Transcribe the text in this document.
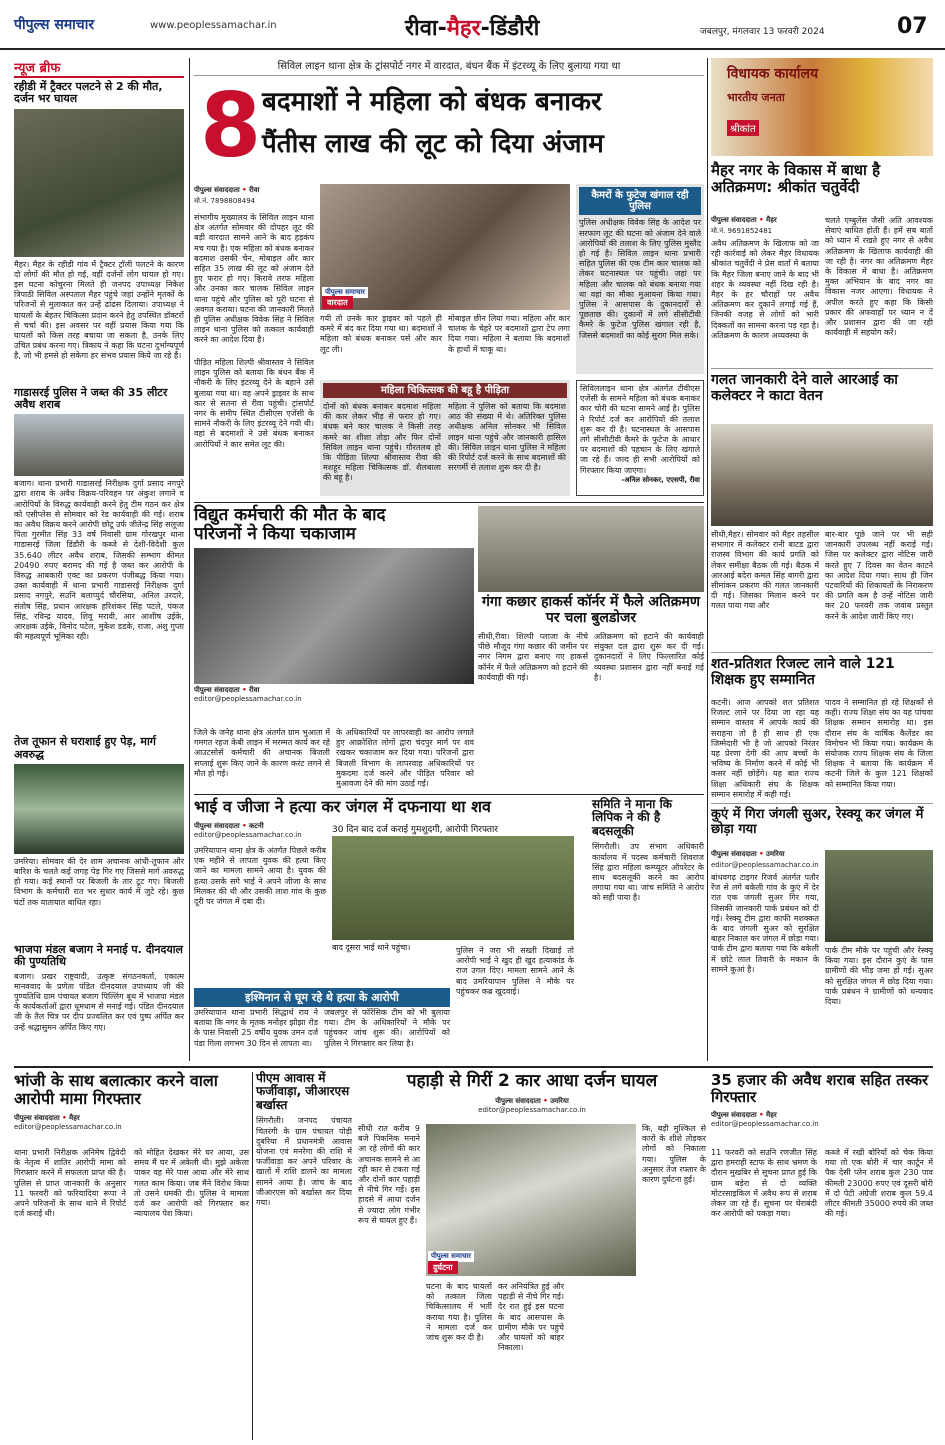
पीपुल्स समाचार	www.peoplessamachar.in	रीवा-मैहर-डिंडौरी	जबलपुर, मंगलवार 13 फरवरी 2024	07
न्यूज ब्रीफ
रहीडी में ट्रैक्टर पलटने से 2 की मौत, दर्जन भर घायल
मैहर। मैहर के रहीडी गांव में ट्रैक्टर ट्रॉली पलटने के कारण दो लोगों की मौत हो गई, वहीं दर्जनों लोग घायल हो गए। इस घटना कोचुरना मिलते ही जनपद उपाध्यक्ष निकेश त्रिपाठी सिविल अस्पताल मैहर पहुंचे जहां उन्होंने मृतकों के परिजनों से मुलाकात कर उन्हें ढांढस दिलाया। उपाध्यक्ष ने घायलों के बेहतर चिकित्सा प्रदान करने हेतु उपस्थित डॉक्टरों से चर्चा की। इस अवसर पर वहीं प्रयास किया गया कि घायलों को किस तरह बचाया जा सकता है, उनके लिए उचित प्रबंध करना गए। त्रिकाय ने कहा कि घटना दुर्भाग्यपूर्ण है, जो भी हमसे हो सकेगा हर संभव प्रयास किये जा रहे हैं।
गाडासरई पुलिस ने जब्त की 35 लीटर अवैध शराब
बजाग। थाना प्रभारी गाडासरई निरीक्षक दुर्गा प्रसाद नगपुरे द्वारा शराब के अवैध विक्रय-परिवहन पर अंकुश लगाने व आरोपियों के विरुद्ध कार्यवाही करने हेतु टीम गठन कर क्षेत्र को एसीप्लेस से सोमवार को रेड कार्यवाही की गई। शराब का अवैध विक्रय करने आरोपी छोटू उर्फ जीतेन्द्र सिंह सलूजा पिता गुरमीत सिंह 33 वर्ष निवासी ग्राम गोरखपुर थाना गाडासरई जिला डिंडौरी के कब्जे से देशी-विदेशी कुल 35.640 लीटर अवैध शराब, जिसकी सम्भाग कीमत 20490 रुपए बरामद की गई है जब्त कर आरोपी के विरुद्ध आबकारी एक्ट का प्रकरण पंजीबद्ध किया गया। उक्त कार्यवाही में थाना प्रभारी गाडासरई निरीक्षक दुर्गा प्रसाद नगपुरे, सउनि बलाप्पुर्द चौरसिया, अनिल उरदारे, संतोष सिंह, प्रधान आरक्षक हरिशंकर सिंह पटले, पंकज सिंह, रविन्द्र यादव, शिवू मरावी, आर आशीष उईके, आरक्षक उईके, विनोद पटेल, मुकेश डडके, राजा, अंशु गुप्ता की महत्वपूर्ण भूमिका रही।
तेज तूफान से घराशाई हुए पेड़, मार्ग अवरुद्ध
उमरिया। सोमवार की देर शाम अचानक आंधी-तूफान और बारिश के चलते कई जगह पेड़ गिर गए जिससे मार्ग अवरुद्ध हो गया। कई स्थानों पर बिजली के तार टूट गए। बिजली विभाग के कर्मचारी रात भर सुधार कार्य में जुटे रहे। कुछ घंटों तक यातायात बाधित रहा।
भाजपा मंडल बजाग ने मनाई प. दीनदयाल की पुण्यतिथि
बजाग। प्रखर राष्ट्रवादी, उत्कृष्ट संगठनकर्ता, एकात्म मानववाद के प्रणेता पंडित दीनदयाल उपाध्याय जी की पुण्यतिथि ग्राम पंचायत बजाग पिल्लिंग बूथ में भाजपा मंडल के कार्यकर्ताओं द्वारा धूमधाम से मनाई गई। पंडित दीनदयाल जी के तैल चित्र पर दीप प्रज्वलित कर एवं पुष्प अर्पित कर उन्हें श्रद्धासुमन अर्पित किए गए।
सिविल लाइन थाना क्षेत्र के ट्रांसपोर्ट नगर में वारदात, बंधन बैंक में इंटरव्यू के लिए बुलाया गया था
8 बदमाशों ने महिला को बंधक बनाकर
पैंतीस लाख की लूट को दिया अंजाम
पीपुल्स संवाददाता • रीवा
मो.नं. 7898808494
पीपुल्स समाचार
वारदात
संभागीय मुख्यालय के सिविल लाइन थाना क्षेत्र अंतर्गत सोमवार की दोपहर लूट की बड़ी वारदात सामने आने के बाद हड़कंप मच गया है। एक महिला को बंधक बनाकर बदमाश उसकी चेन, मोबाइल और कार सहित 35 लाख की लूट को अंजाम देते हुए फरार हो गए। किरावे तरफ महिला और उनका कार चालक सिविल लाइन थाना पहुंचे और पुलिस को पूरी घटना से अवगत कराया। घटना की जानकारी मिलते ही पुलिस अधीक्षक विवेक सिंह ने सिविल लाइन थाना पुलिस को तत्काल कार्यवाही करने का आदेश दिया है।
पीड़ित महिला शिल्पी श्रीवास्तव ने सिविल लाइन पुलिस को बताया कि बंधन बैंक में नौकरी के लिए इंटरव्यू देने के बहाने उसे बुलाया गया था। वह अपने ड्राइवर के साथ कार से सतना से रीवा पहुंची। ट्रांसपोर्ट नगर के समीप स्थित टीसीएस एजेंसी के सामने नौकरी के लिए इंटरव्यू देने गयी थी। वहां से बदमाशों ने उसे बंधक बनाकर आरोपियों ने कार समेत लूट की।
गयी तो उनके कार ड्राइवर को पहले ही कमरे में बंद कर दिया गया था। बदमाशों ने महिला को बंधक बनाकर पर्स और कार लूट ली।
मोबाइल छीन लिया गया। महिला और कार चालक के चेहरे पर बदमाशों द्वारा टेप लगा दिया गया। महिला ने बताया कि बदमाशों के हाथों में चाकू था।
कैमरों के फुटेज खंगाल रही पुलिस
पुलिस अधीक्षक विवेक सिंह के आदेश पर सरफाग लूट की घटना को अंजाम देने वाले आरोपियों की तलाश के लिए पुलिस मुस्तैद हो गई है। सिविल लाइन थाना प्रभारी सहित पुलिस की एक टीम कार चालक को लेकर घटनास्थल पर पहुंची। जहां पर महिला और चालक को बंधक बनाया गया था वहां का मौका मुआयना किया गया। पुलिस ने आसपास के दुकानदारों से पूछताछ की। दुकानों में लगे सीसीटीवी कैमरे के फुटेज पुलिस खंगाल रही है, जिससे बदमाशों का कोई सुराग मिल सके।
महिला चिकित्सक की बहू है पीड़िता
दोनों को बंधक बनाकर बदमाश महिला की कार लेकर भीड़ से फरार हो गए। बंधक बने कार चालक ने किसी तरह कमरे का शीशा तोड़ा और फिर दोनों सिविल लाइन थाना पहुंचे। गौरतलब हो कि पीड़िता शिल्पा श्रीवास्तव रीवा की मशहूर महिला चिकित्सक डॉ. शैलबाला की बहू है।
महिला ने पुलिस को बताया कि बदमाश आठ की संख्या में थे। अतिरिक्त पुलिस अधीक्षक अनिल सोनकर भी सिविल लाइन थाना पहुंचे और जानकारी हासिल की। सिविल लाइन थाना पुलिस ने महिला की रिपोर्ट दर्ज करने के साथ बदमाशों की सरगर्मी से तलाश शुरू कर दी है।
सिविललाइन थाना क्षेत्र अंतर्गत टीवीएस एजेंसी के सामने महिला को बंधक बनाकर कार चोरी की घटना सामने आई है। पुलिस ने रिपोर्ट दर्ज कर आरोपियों की तलाश शुरू कर दी है। घटनास्थल के आसपास लगे सीसीटीवी कैमरे के फुटेज के आधार पर बदमाशों की पहचान के लिए खंगाले जा रहे हैं। जल्द ही सभी आरोपियों को गिरफ्तार किया जाएगा।
-अनिल सोनकर, एएसपी, रीवा
विधायक कार्यालय
भारतीय जनता
श्रीकांत
मैहर नगर के विकास में बाधा है अतिक्रमण: श्रीकांत चतुर्वेदी
पीपुल्स संवाददाता • मैहर
मो.नं. 9691852481
अवैध अतिक्रमण के खिलाफ को जा रही कार्रवाई को लेकर मैहर विधायक श्रीकांत चतुर्वेदी ने प्रेस वार्ता में बताया कि मैहर जिला बनाए जाने के बाद भी शहर के व्यवस्था नहीं दिख रही है। मैहर के हर चौराहों पर अवैध अतिक्रमण कर दुकानें लगाई गई हैं, जिनकी वजह से लोगों को भारी दिक्कतों का सामना करना पड़ रहा है। अतिक्रमण के कारण अव्यवस्था के
चलते एम्बुलेंस जैसी अति आवश्यक सेवाएं बाधित होती हैं। हमें सब बातों को ध्यान में रखते हुए नगर से अवैध अतिक्रमण के खिलाफ कार्यवाही की जा रही है। नगर का अतिक्रमण मैहर के विकास में बाधा है। अतिक्रमण मुक्त अभियान के बाद नगर का विकास नजर आएगा। विधायक ने अपील करते हुए कहा कि किसी प्रकार की अफवाहों पर ध्यान न दें और प्रशासन द्वारा की जा रही कार्यवाही में सहयोग करें।
गलत जानकारी देने वाले आरआई का कलेक्टर ने काटा वेतन
सीधी,मैहर। सोमवार को मैहर तहसील सभागार में कलेक्टर रानी बाटड द्वारा राजस्व विभाग की कार्य प्रगति को लेकर समीक्षा बैठक ली गई। बैठक में आरआई बदेरा कमल सिंह बागरी द्वारा सीमांकन प्रकरण की गलत जानकारी दी गई। जिसका मिलान करने पर गलत पाया गया और
बार-बार पूछे जाने पर भी सही जानकारी उपलब्ध नहीं कराई गई। जिस पर कलेक्टर द्वारा नोटिस जारी करते हुए 7 दिवस का वेतन काटने का आदेश दिया गया। साथ ही जिन पटवारियों की शिकायतों के निराकरण की प्रगति कम है उन्हें नोटिस जारी कर 20 फरवरी तक जवाब प्रस्तुत करने के आदेश जारी किए गए।
शत-प्रतिशत रिजल्ट लाने वाले 121 शिक्षक हुए सम्मानित
कटनी। आज आपको शत प्रतिशत रिजल्ट लाने पर दिया जा रहा यह सम्मान वास्तव में आपके कार्य की सराहना तो है ही साथ ही एक जिम्मेदारी भी है जो आपको निरंतर यह प्रेरणा देगी की आप बच्चों के भविष्य के निर्माण करने में कोई भी कसर नहीं छोड़ेंगे। यह बात राज्य शिक्षा अधिकारी संघ के शिक्षक सम्मान समारोह में कही गई।
पादव ने सम्मानित हो रहे शिक्षकों से कही। राज्य शिक्षा संघ का यह पांचवा शिक्षक सम्मान समारोह था। इस दौरान संघ के वार्षिक कैलेंडर का विमोचन भी किया गया। कार्यक्रम के संयोजक राज्य शिक्षक संघ के जिला शिक्षक ने बताया कि कार्यक्रम में कटनी जिले के कुल 121 शिक्षकों को सम्मानित किया गया।
कुएं में गिरा जंगली सुअर, रेस्क्यू कर जंगल में छोड़ा गया
पीपुल्स संवाददाता • उमरिया
editor@peoplessamachar.co.in
बांधवगढ़ टाइगर रिजर्व अंतर्गत पतौर रेंज से लगे बकेली गांव के कुएं में देर रात एक जंगली सुअर गिर गया, जिसकी जानकारी पार्क प्रबंधन को दी गई। रेस्क्यू टीम द्वारा काफी मशक्कत के बाद जंगली सुअर को सुरक्षित बाहर निकाल कर जंगल में छोड़ा गया। पार्क टीम द्वारा बताया गया कि बकेली में छोटे लाल तिवारी के मकान के सामने कुआं है।
पार्क टीम मौके पर पहुंची और रेस्क्यू किया गया। इस दौरान कुएं के पास ग्रामीणों की भीड़ जमा हो गई। सुअर को सुरक्षित जंगल में छोड़ दिया गया। पार्क प्रबंधन ने ग्रामीणों को धन्यवाद दिया।
विद्युत कर्मचारी की मौत के बाद
परिजनों ने किया चकाजाम
पीपुल्स संवाददाता • रीवा
editor@peoplessamachar.co.in
जिले के जनेह थाना क्षेत्र अंतर्गत ग्राम भुआता में गमगत रहज केबी लाइन में मरम्मत कार्य कर रहे आउटसोर्स कर्मचारी की अचानक बिजली सप्लाई शुरू किए जाने के कारण करंट लगने से मौत हो गई।
के अधिकारियों पर लापरवाही का आरोप लगाते हुए आक्रोशित लोगों द्वारा चंदपुर मार्ग पर शव रखकर चकाजाम कर दिया गया। परिजनों द्वारा बिजली विभाग के लापरवाह अधिकारियों पर मुकदमा दर्ज करने और पीड़ित परिवार को मुआवजा देने की मांग उठाई गई।
गंगा कछार हाकर्स कॉर्नर में फैले अतिक्रमण पर चला बुलडोजर
सीधी,रीवा। शिल्पी प्लाजा के नीचे पीछे मौजूद गंगा कछार की जमीन पर नगर निगम द्वारा बनाए गए हाकर्स कॉर्नर में फैले अतिक्रमण को हटाने की कार्यवाही की गई।
अतिक्रमण को हटाने की कार्यवाही संयुक्त दल द्वारा शुरू कर दी गई। दुकानदारों ने लिए फिल्लारित कोई व्यवस्था प्रशासन द्वारा नहीं बनाई गई है।
भाई व जीजा ने हत्या कर जंगल में दफनाया था शव
पीपुल्स संवाददाता • कटनी
editor@peoplessamachar.co.in	30 दिन बाद दर्ज कराई गुमशुदगी, आरोपी गिरफ्तार
उमरियापान थाना क्षेत्र के अंतर्गत पिछले करीब एक महीने से लापता युवक की हत्या किए जाने का मामला सामने आया है। युवक की हत्या उसके सगे भाई ने अपने जीजा के साथ मिलकर की थी और उसकी लाश गांव के कुछ दूरी पर जंगल में दबा दी।
बाद दूसरा भाई थाने पहुंचा।
इश्मिनान से घूम रहे थे हत्या के आरोपी
उमरियापान थाना प्रभारी सिद्धार्थ राय ने बताया कि नगर के मृतक मनोहर झोझा रोड के पास निवासी 25 वर्षीय युवक उमन दर्ज पंडा गिला लगभग 30 दिन से लापता था।
जबलपुर से फॉरेंसिक टीम को भी बुलाया गया। टीम के अधिकारियों ने मौके पर पहुंचकर जांच शुरू की। आरोपियों को पुलिस ने गिरफ्तार कर लिया है।
पुलिस ने जरा भी सख्ती दिखाई तो आरोपी भाई ने खुद ही खुद हत्याकांड के राज उगल दिए। मामला सामने आने के बाद उमरियापान पुलिस ने मौके पर पहुंचकर कब्र खुदवाई।
समिति ने माना कि लिपिक ने की है बदसलूकी
सिंगरौली। उप संभाग अधिकारी कार्यालय में पदस्थ कर्मचारी शिवराज सिंह द्वारा महिला कम्प्यूटर ऑपरेटर के साथ बदसलूकी करने का आरोप लगाया गया था। जांच समिति ने आरोप को सही पाया है।
भांजी के साथ बलात्कार करने वाला आरोपी मामा गिरफ्तार
पीपुल्स संवाददाता • मैहर
editor@peoplessamachar.co.in
थाना प्रभारी निरीक्षक अनिमेष द्विवेदी के नेतृत्व में शातिर आरोपी मामा को गिरफ्तार करने में सफलता प्राप्त की है। पुलिस से प्राप्त जानकारी के अनुसार 11 फरवरी को फरियादिया रूपा ने अपने परिजनों के साथ थाने में रिपोर्ट दर्ज कराई थी।
को मोहित देखकर मेरे घर आया, उस समय मैं घर में अकेली थी। मुझे अकेला पाकर वह मेरे पास आया और मेरे साथ गलत काम किया। जब मैंने विरोध किया तो उसने धमकी दी। पुलिस ने मामला दर्ज कर आरोपी को गिरफ्तार कर न्यायालय पेश किया।
पीएम आवास में फर्जीवाड़ा, जीआरएस बर्खास्त
सिंगरौली। जनपद पंचायत चितरंगी के ग्राम पंचायत पोड़ी दुबरिया में प्रधानमंत्री आवास योजना एवं मनरेगा की राशि में फर्जीवाड़ा कर अपने परिवार के खातों में राशि डालने का मामला सामने आया है। जांच के बाद जीआरएस को बर्खास्त कर दिया गया।
पहाड़ी से गिरीं 2 कार आधा दर्जन घायल
पीपुल्स संवाददाता • उमरिया
editor@peoplessamachar.co.in
सीधी रात करीब 9 बजे पिकनिक मनाने आ रहे लोगों की कार अचानक सामने से आ रही कार से टकरा गई और दोनों कार पहाड़ी से नीचे गिर गईं। इस हादसे में आधा दर्जन से ज्यादा लोग गंभीर रूप से घायल हुए हैं।
घटना के बाद घायलों को तत्काल जिला चिकित्सालय में भर्ती कराया गया है। पुलिस ने मामला दर्ज कर जांच शुरू कर दी है।
पीपुल्स समाचार
दुर्घटना
कर अनियंत्रित हुई और पहाड़ी से नीचे गिर गई। देर रात हुई इस घटना के बाद आसपास के ग्रामीण मौके पर पहुंचे और घायलों को बाहर निकाला।
कि, बड़ी मुश्किल से कारों के शीशे तोड़कर लोगों को निकाला गया। पुलिस के अनुसार तेज रफ्तार के कारण दुर्घटना हुई।
35 हजार की अवैध शराब सहित तस्कर गिरफ्तार
पीपुल्स संवाददाता • मैहर
editor@peoplessamachar.co.in
11 फरवरी को सउनि रणजीत सिंह द्वारा हमराही स्टाफ के साथ भ्रमण के दौरान मुखबिर से सूचना प्राप्त हुई कि ग्राम बड़ेरा से दो व्यक्ति मोटरसाइकिल में अवैध रूप से शराब लेकर जा रहे हैं। सूचना पर घेराबंदी कर आरोपी को पकड़ा गया।
कब्जे में रखी बोरियों को चेक किया गया तो एक बोरी में चार कार्टून में पैक देसी प्लेन शराब कुल 230 पाव कीमती 23000 रुपए एवं दूसरी बोरी में दो पेटी अंग्रेजी शराब कुल 59.4 लीटर कीमती 35000 रुपये की जब्त की गई।
